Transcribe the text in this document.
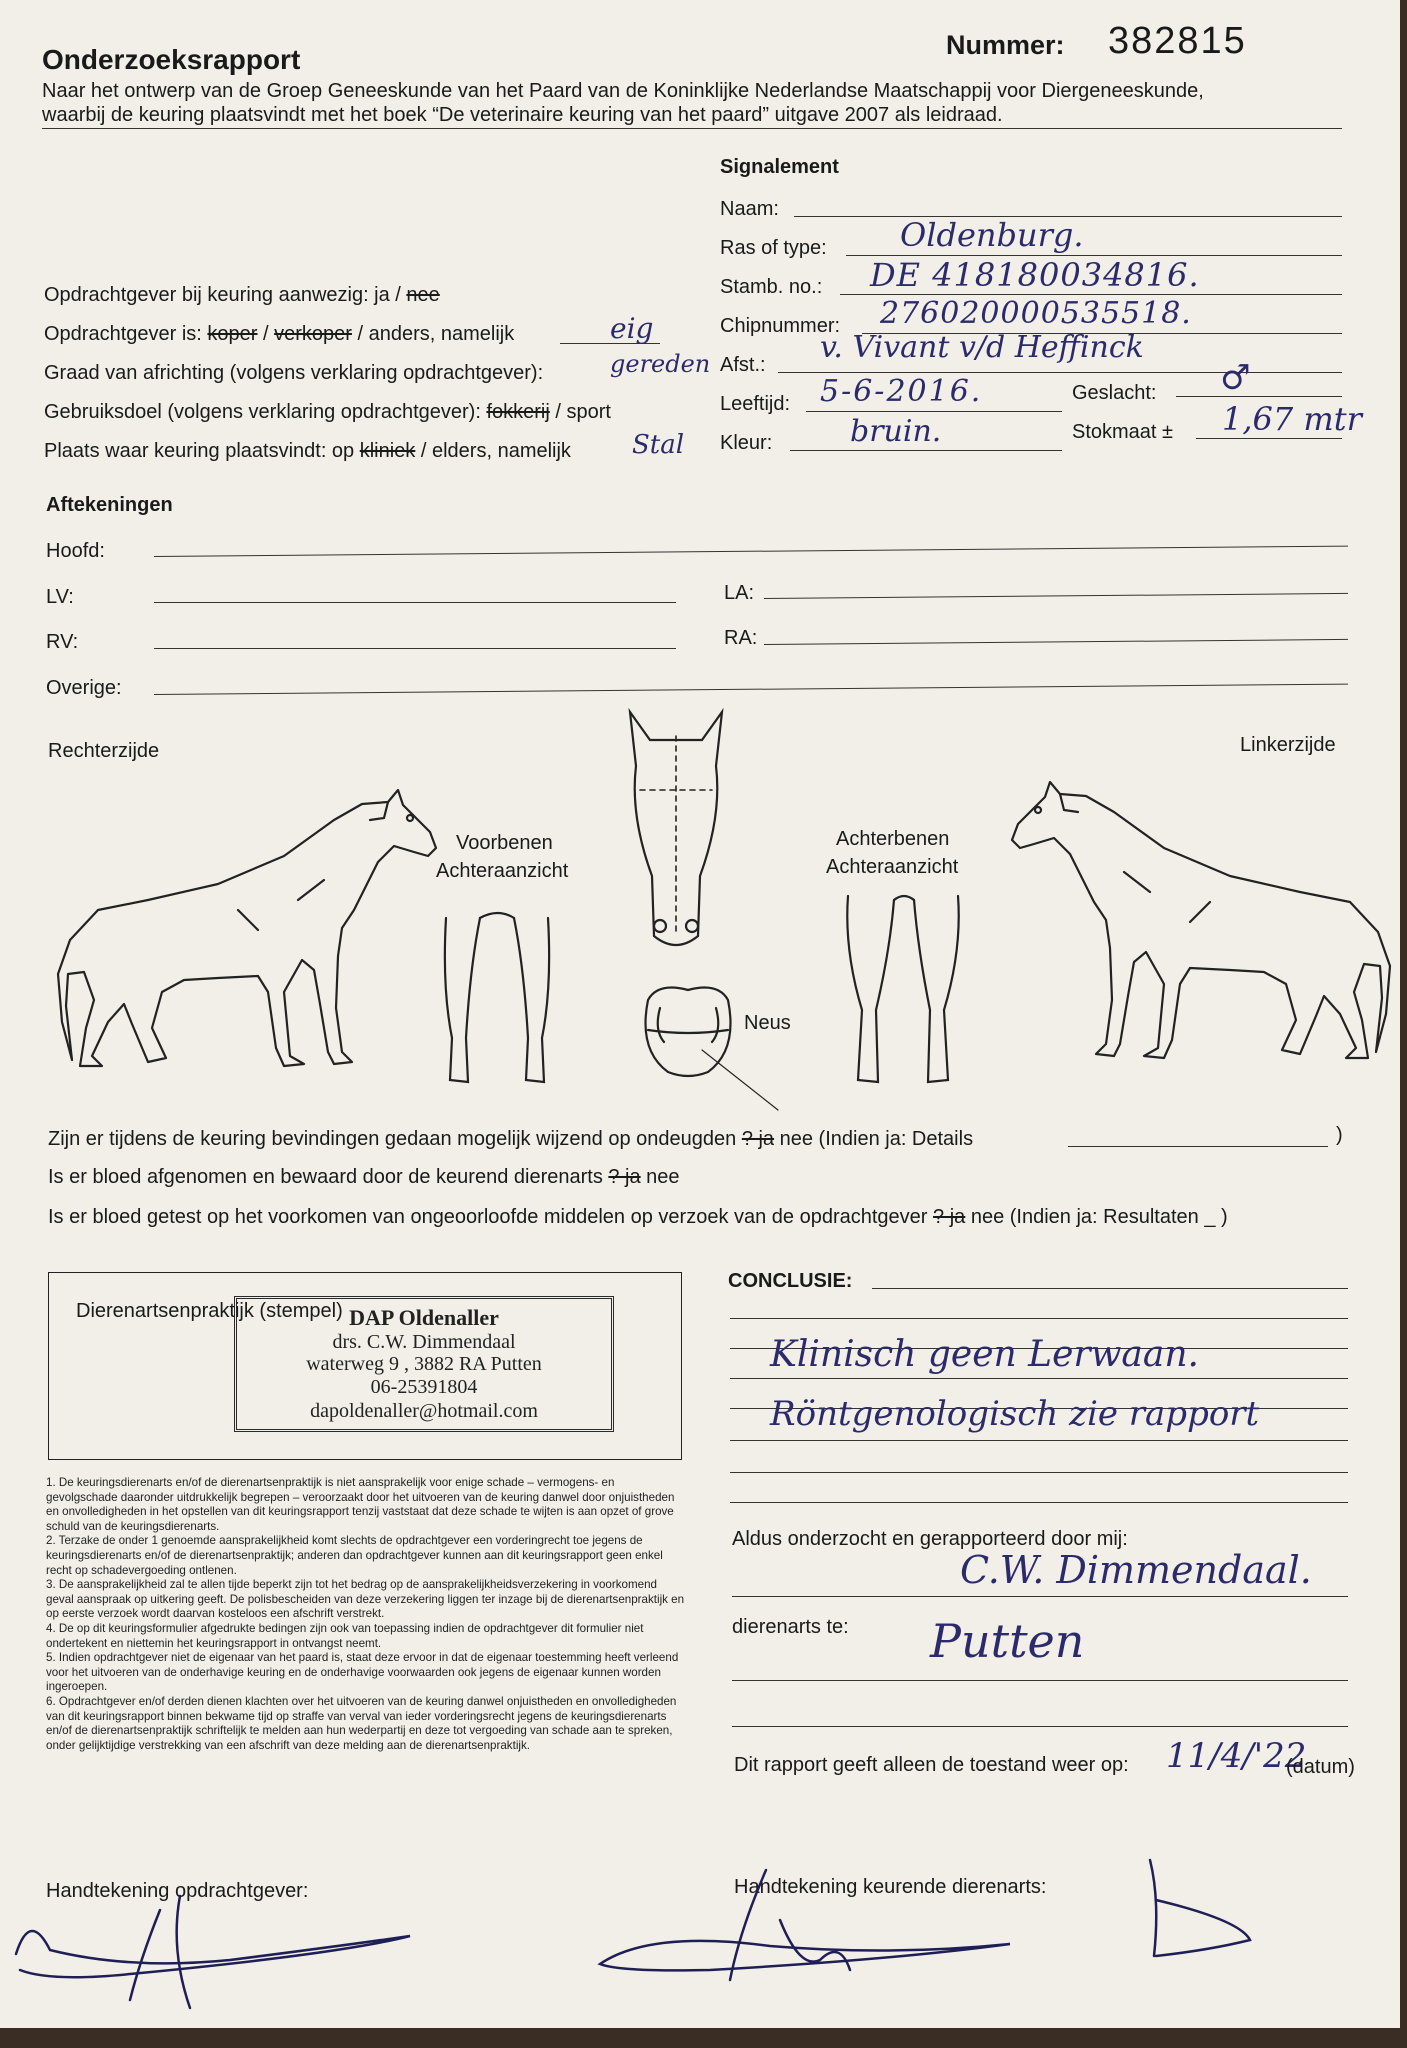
Onderzoeksrapport	Nummer: 382815
Naar het ontwerp van de Groep Geneeskunde van het Paard van de Koninklijke Nederlandse Maatschappij voor Diergeneeskunde,
waarbij de keuring plaatsvindt met het boek “De veterinaire keuring van het paard” uitgave 2007 als leidraad.
Opdrachtgever bij keuring aanwezig: ja / nee
Opdrachtgever is: koper / verkoper / anders, namelijk	eig
Graad van africhting (volgens verklaring opdrachtgever):	gereden
Gebruiksdoel (volgens verklaring opdrachtgever): fokkerij / sport
Plaats waar keuring plaatsvindt: op kliniek / elders, namelijk Stal
Signalement
Naam:
Ras of type: Oldenburg.
Stamb. no.: DE 418180034816.
Chipnummer: 276020000535518.
Afst.: v. Vivant v/d Heffinck
Leeftijd: 5-6-2016.	Geslacht: ♂
Kleur:	bruin.	Stokmaat ± 1,67 mtr
Aftekeningen
Hoofd:
LV:	LA:
RV:	RA:
Overige:
Rechterzijde	Linkerzijde
Voorbenen
Achteraanzicht
Achterbenen
Achteraanzicht
Neus
Zijn er tijdens de keuring bevindingen gedaan mogelijk wijzend op ondeugden ? ja nee (Indien ja: Details	)
Is er bloed afgenomen en bewaard door de keurend dierenarts ? ja nee
Is er bloed getest op het voorkomen van ongeoorloofde middelen op verzoek van de opdrachtgever ? ja nee (Indien ja: Resultaten _ )
Dierenartsenpraktijk (stempel) DAP Oldenaller
drs. C.W. Dimmendaal
waterweg 9 , 3882 RA Putten
06-25391804
dapoldenaller@hotmail.com

1. De keuringsdierenarts en/of de dierenartsenpraktijk is niet aansprakelijk voor enige schade – vermogens- en gevolgschade daaronder uitdrukkelijk begrepen – veroorzaakt door het uitvoeren van de keuring danwel door onjuistheden en onvolledigheden in het opstellen van dit keuringsrapport tenzij vaststaat dat deze schade te wijten is aan opzet of grove schuld van de keuringsdierenarts.

2. Terzake de onder 1 genoemde aansprakelijkheid komt slechts de opdrachtgever een vorderingrecht toe jegens de keuringsdierenarts en/of de dierenartsenpraktijk; anderen dan opdrachtgever kunnen aan dit keuringsrapport geen enkel recht op schadevergoeding ontlenen.

3. De aansprakelijkheid zal te allen tijde beperkt zijn tot het bedrag op de aansprakelijkheidsverzekering in voorkomend geval aanspraak op uitkering geeft. De polisbescheiden van deze verzekering liggen ter inzage bij de dierenartsenpraktijk en op eerste verzoek wordt daarvan kosteloos een afschrift verstrekt.

4. De op dit keuringsformulier afgedrukte bedingen zijn ook van toepassing indien de opdrachtgever dit formulier niet ondertekent en niettemin het keuringsrapport in ontvangst neemt.

5. Indien opdrachtgever niet de eigenaar van het paard is, staat deze ervoor in dat de eigenaar toestemming heeft verleend voor het uitvoeren van de onderhavige keuring en de onderhavige voorwaarden ook jegens de eigenaar kunnen worden ingeroepen.

6. Opdrachtgever en/of derden dienen klachten over het uitvoeren van de keuring danwel onjuistheden en onvolledigheden van dit keuringsrapport binnen bekwame tijd op straffe van verval van ieder vorderingsrecht jegens de keuringsdierenarts en/of de dierenartsenpraktijk schriftelijk te melden aan hun wederpartij en deze tot vergoeding van schade aan te spreken, onder gelijktijdige verstrekking van een afschrift van deze melding aan de dierenartsenpraktijk.

CONCLUSIE:
Klinisch geen Lerwaan.
Röntgenologisch zie rapport
Aldus onderzocht en gerapporteerd door mij:
C.W. Dimmendaal.
dierenarts te: Putten
Dit rapport geeft alleen de toestand weer op: 11/4/'22
(datum)
Handtekening opdrachtgever:	Handtekening keurende dierenarts:
